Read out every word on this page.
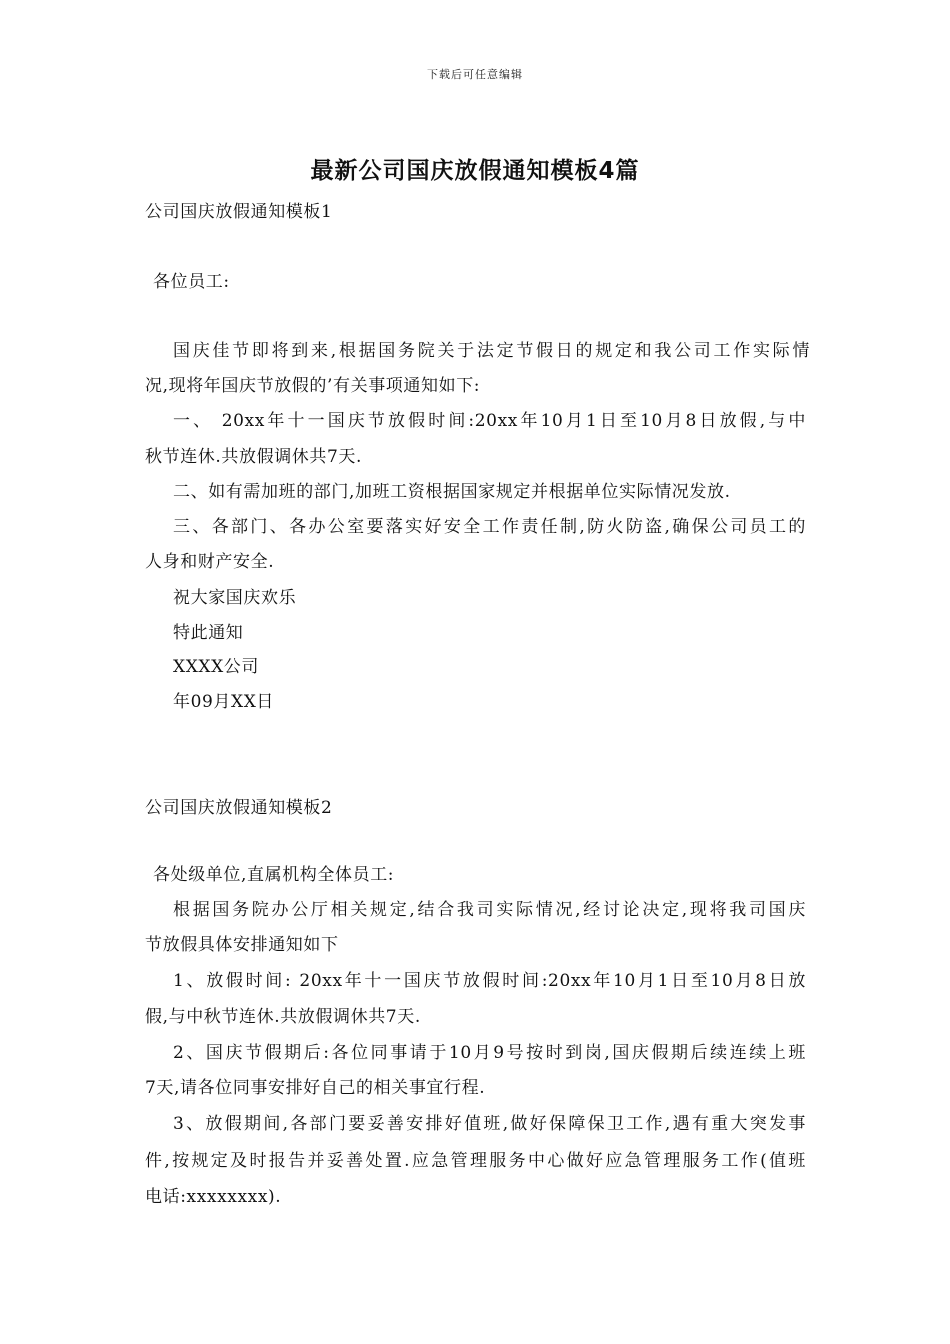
下载后可任意编辑
最新公司国庆放假通知模板4篇
公司国庆放假通知模板1
各位员工:
国庆佳节即将到来,根据国务院关于法定节假日的规定和我公司工作实际情
况,现将年国庆节放假的’有关事项通知如下:
一、 20xx年十一国庆节放假时间:20xx年10月1日至10月8日放假,与中
秋节连休.共放假调休共7天.
二、如有需加班的部门,加班工资根据国家规定并根据单位实际情况发放.
三、各部门、各办公室要落实好安全工作责任制,防火防盗,确保公司员工的
人身和财产安全.
祝大家国庆欢乐
特此通知
XXXX公司
年09月XX日
公司国庆放假通知模板2
各处级单位,直属机构全体员工:
根据国务院办公厅相关规定,结合我司实际情况,经讨论决定,现将我司国庆
节放假具体安排通知如下
1、放假时间: 20xx年十一国庆节放假时间:20xx年10月1日至10月8日放
假,与中秋节连休.共放假调休共7天.
2、国庆节假期后:各位同事请于10月9号按时到岗,国庆假期后续连续上班
7天,请各位同事安排好自己的相关事宜行程.
3、放假期间,各部门要妥善安排好值班,做好保障保卫工作,遇有重大突发事
件,按规定及时报告并妥善处置.应急管理服务中心做好应急管理服务工作(值班
电话:xxxxxxxx).
